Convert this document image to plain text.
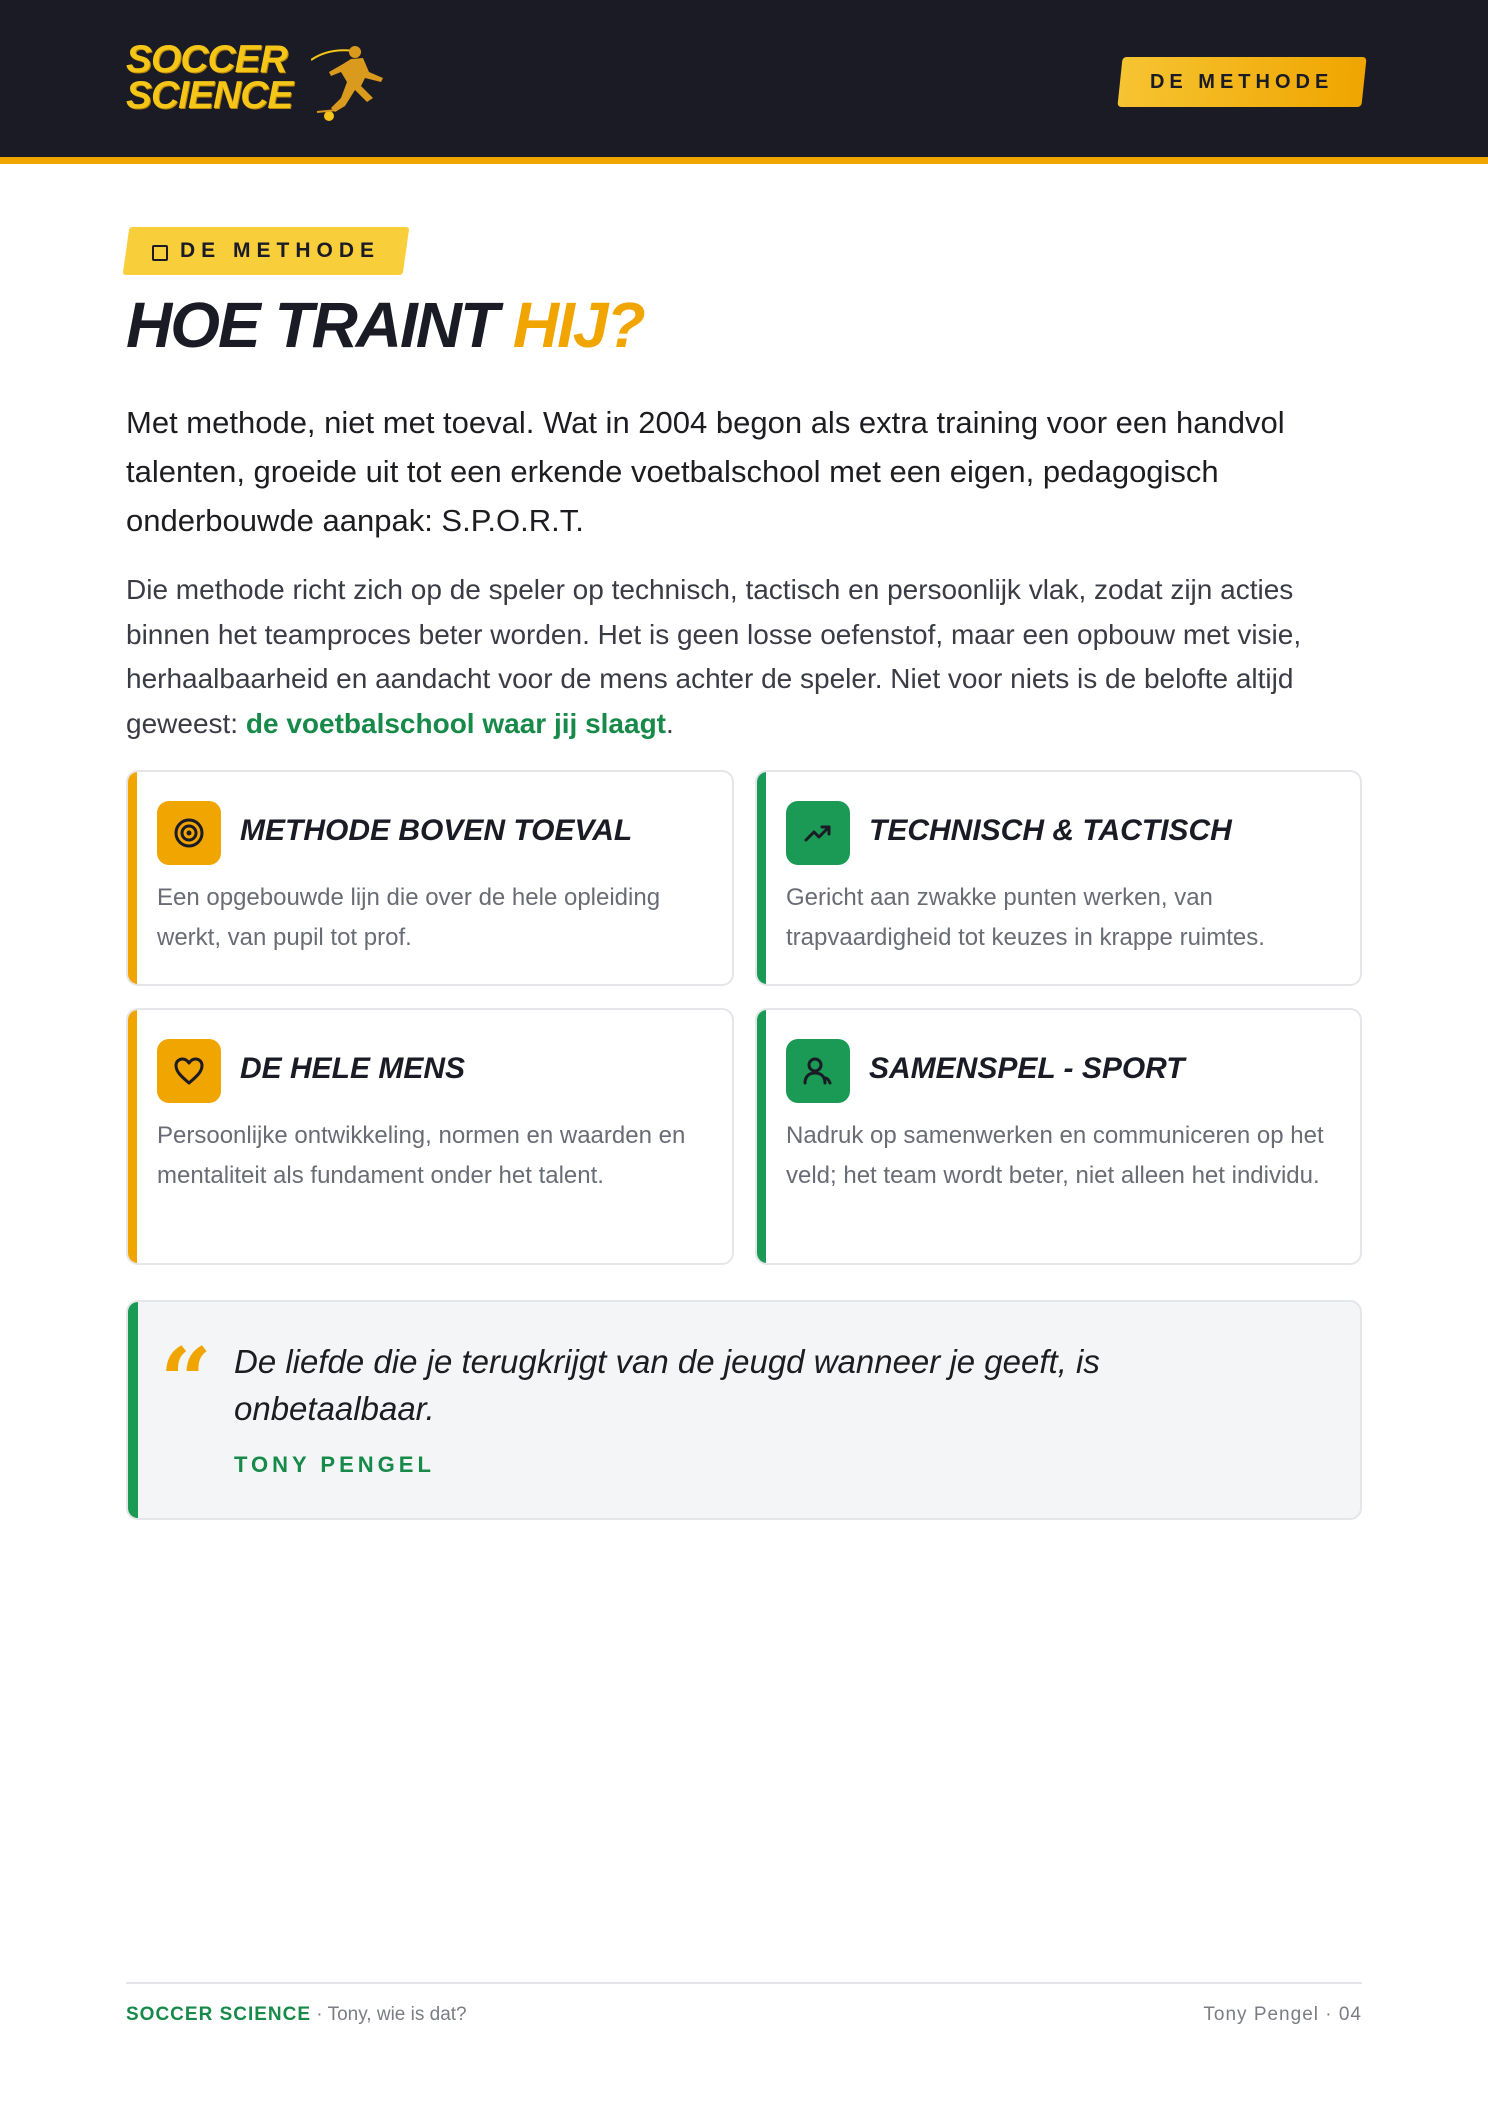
SOCCER
SCIENCE	DE METHODE
DE METHODE
HOE TRAINT HIJ?

Met methode, niet met toeval. Wat in 2004 begon als extra training voor een handvol talenten, groeide uit tot een erkende voetbalschool met een eigen, pedagogisch onderbouwde aanpak: S.P.O.R.T.

Die methode richt zich op de speler op technisch, tactisch en persoonlijk vlak, zodat zijn acties binnen het teamproces beter worden. Het is geen losse oefenstof, maar een opbouw met visie, herhaalbaarheid en aandacht voor de mens achter de speler. Niet voor niets is de belofte altijd geweest: de voetbalschool waar jij slaagt.

METHODE BOVEN TOEVAL
Een opgebouwde lijn die over de hele opleiding werkt, van pupil tot prof.
TECHNISCH & TACTISCH
Gericht aan zwakke punten werken, van trapvaardigheid tot keuzes in krappe ruimtes.
DE HELE MENS
Persoonlijke ontwikkeling, normen en waarden en mentaliteit als fundament onder het talent.
SAMENSPEL - SPORT
Nadruk op samenwerken en communiceren op het veld; het team wordt beter, niet alleen het individu.
“ De liefde die je terugkrijgt van de jeugd wanneer je geeft, is onbetaalbaar.
TONY PENGEL
SOCCER SCIENCE · Tony, wie is dat?	Tony Pengel · 04
